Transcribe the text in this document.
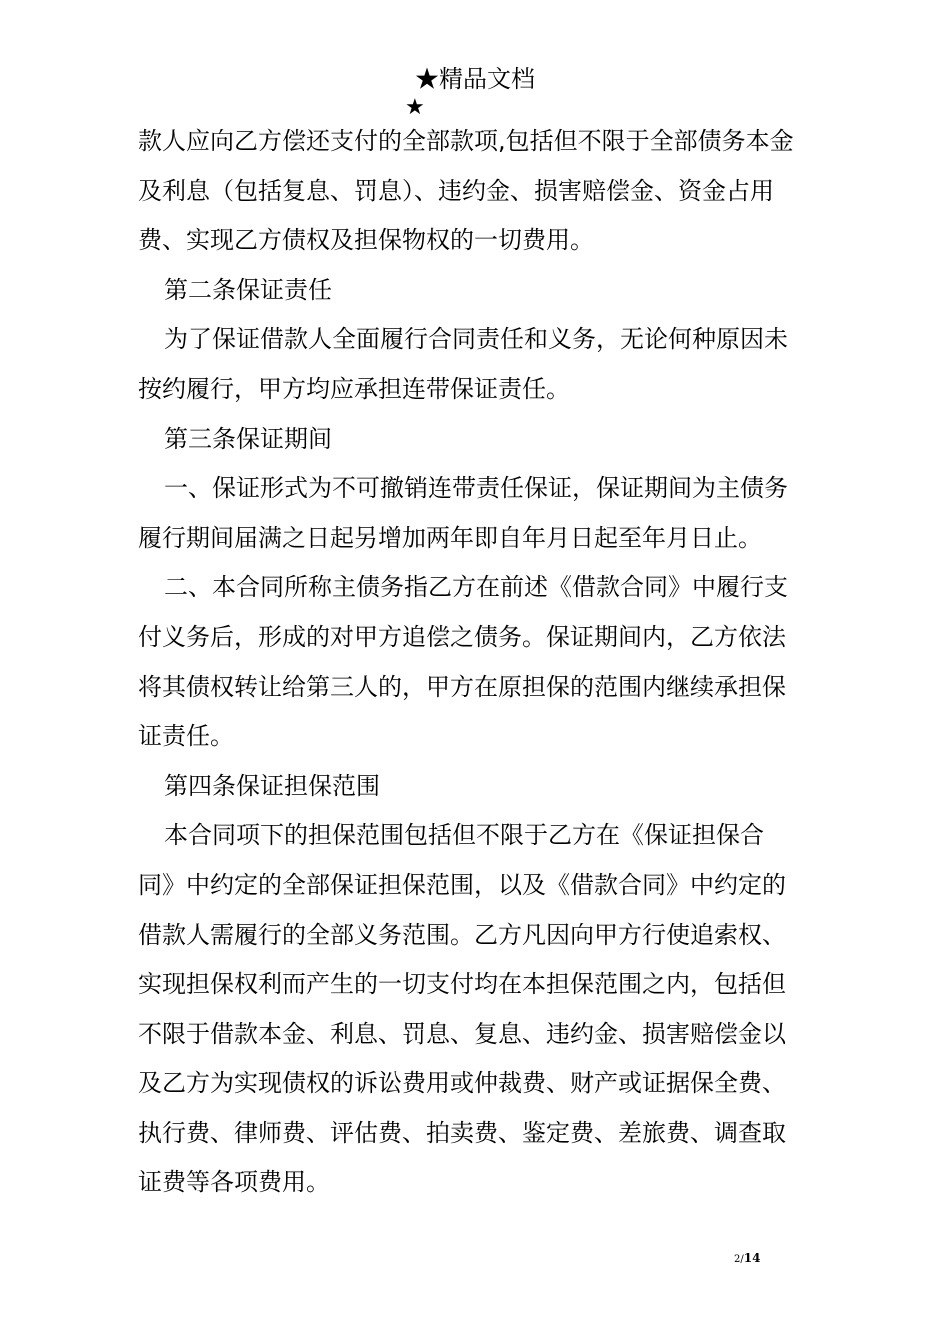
★精品文档
★
款人应向乙方偿还支付的全部款项,包括但不限于全部债务本金
及利息（包括复息、罚息）、违约金、损害赔偿金、资金占用
费、实现乙方债权及担保物权的一切费用。
第二条保证责任
为了保证借款人全面履行合同责任和义务，无论何种原因未
按约履行，甲方均应承担连带保证责任。
第三条保证期间
一、保证形式为不可撤销连带责任保证，保证期间为主债务
履行期间届满之日起另增加两年即自年月日起至年月日止。
二、本合同所称主债务指乙方在前述《借款合同》中履行支
付义务后，形成的对甲方追偿之债务。保证期间内，乙方依法
将其债权转让给第三人的，甲方在原担保的范围内继续承担保
证责任。
第四条保证担保范围
本合同项下的担保范围包括但不限于乙方在《保证担保合
同》中约定的全部保证担保范围，以及《借款合同》中约定的
借款人需履行的全部义务范围。乙方凡因向甲方行使追索权、
实现担保权利而产生的一切支付均在本担保范围之内，包括但
不限于借款本金、利息、罚息、复息、违约金、损害赔偿金以
及乙方为实现债权的诉讼费用或仲裁费、财产或证据保全费、
执行费、律师费、评估费、拍卖费、鉴定费、差旅费、调查取
证费等各项费用。
2/14
